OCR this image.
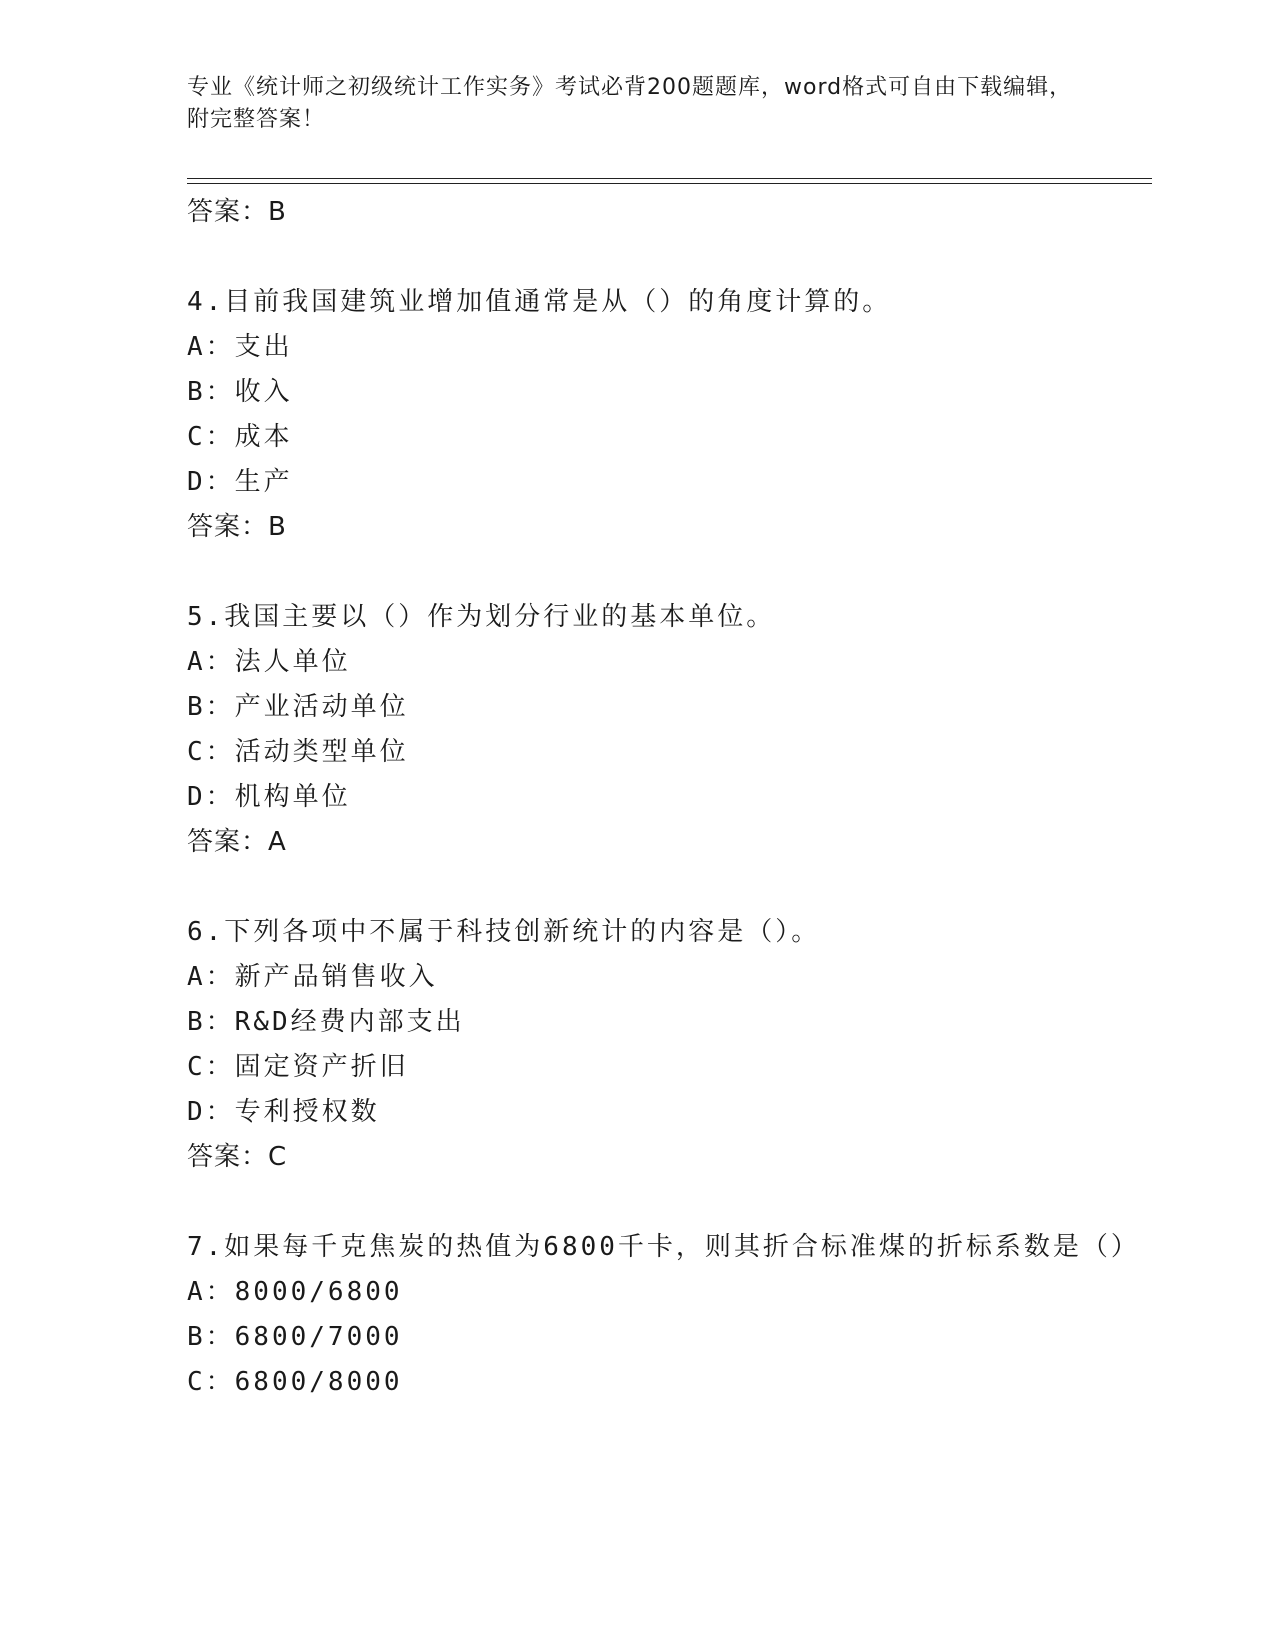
专业《统计师之初级统计工作实务》考试必背200题题库，word格式可自由下载编辑，附完整答案！
答案：B
4.目前我国建筑业增加值通常是从（）的角度计算的。
A：支出
B：收入
C：成本
D：生产
答案：B
5.我国主要以（）作为划分行业的基本单位。
A：法人单位
B：产业活动单位
C：活动类型单位
D：机构单位
答案：A
6.下列各项中不属于科技创新统计的内容是（）。
A：新产品销售收入
B：R&D经费内部支出
C：固定资产折旧
D：专利授权数
答案：C
7.如果每千克焦炭的热值为6800千卡，则其折合标准煤的折标系数是（）
A：8000/6800
B：6800/7000
C：6800/8000
